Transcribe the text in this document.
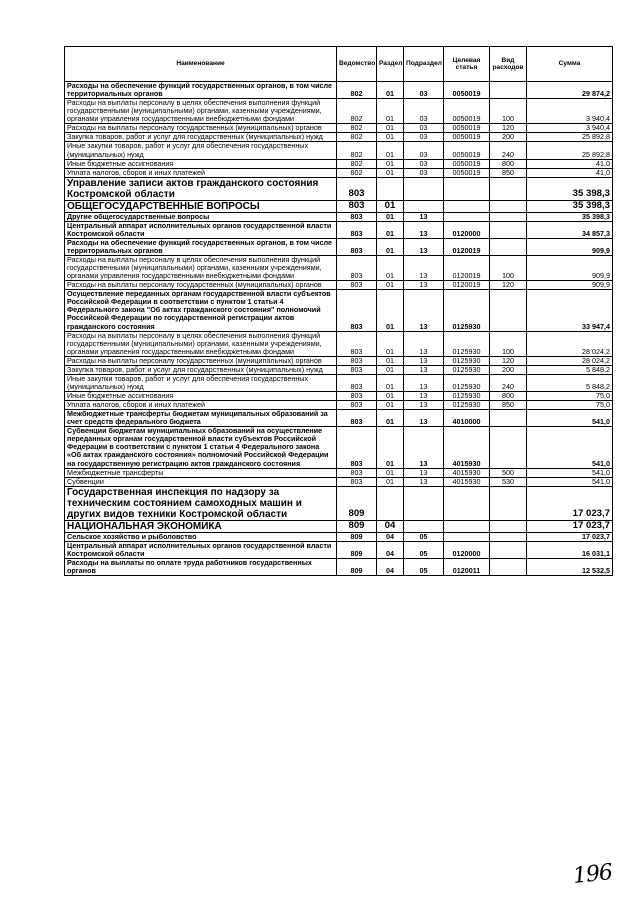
Наименование	Ведомство	Раздел	Подраздел	Целевая статья	Вид расходов	Сумма
Расходы на обеспечение функций государственных органов, в том числе территориальных органов	802	01	03	0050019		29 874,2
Расходы на выплаты персоналу в целях обеспечения выполнения функций государственными (муниципальными) органами, казенными учреждениями, органами управления государственными внебюджетными фондами	802	01	03	0050019	100	3 940,4
Расходы на выплаты персоналу государственных (муниципальных) органов	802	01	03	0050019	120	3 940,4
Закупка товаров, работ и услуг для государственных (муниципальных) нужд	802	01	03	0050019	200	25 892,8
Иные закупки товаров, работ и услуг для обеспечения государственных (муниципальных) нужд	802	01	03	0050019	240	25 892,8
Иные бюджетные ассигнования	802	01	03	0050019	800	41,0
Уплата налогов, сборов и иных платежей	802	01	03	0050019	850	41,0
Управление записи актов гражданского состояния Костромской области	803					35 398,3
ОБЩЕГОСУДАРСТВЕННЫЕ ВОПРОСЫ	803	01				35 398,3
Другие общегосударственные вопросы	803	01	13			35 398,3
Центральный аппарат исполнительных органов государственной власти Костромской области	803	01	13	0120000		34 857,3
Расходы на обеспечение функций государственных органов, в том числе территориальных органов	803	01	13	0120019		909,9
Расходы на выплаты персоналу в целях обеспечения выполнения функций государственными (муниципальными) органами, казенными учреждениями, органами управления государственными внебюджетными фондами	803	01	13	0120019	100	909,9
Расходы на выплаты персоналу государственных (муниципальных) органов	803	01	13	0120019	120	909,9
Осуществление переданных органам государственной власти субъектов Российской Федерации в соответствии с пунктом 1 статьи 4 Федерального закона "Об актах гражданского состояния" полномочий Российской Федерации по государственной регистрации актов гражданского состояния	803	01	13	0125930		33 947,4
Расходы на выплаты персоналу в целях обеспечения выполнения функций государственными (муниципальными) органами, казенными учреждениями, органами управления государственными внебюджетными фондами	803	01	13	0125930	100	28 024,2
Расходы на выплаты персоналу государственных (муниципальных) органов	803	01	13	0125930	120	28 024,2
Закупка товаров, работ и услуг для государственных (муниципальных) нужд	803	01	13	0125930	200	5 848,2
Иные закупки товаров, работ и услуг для обеспечения государственных (муниципальных) нужд	803	01	13	0125930	240	5 848,2
Иные бюджетные ассигнования	803	01	13	0125930	800	75,0
Уплата налогов, сборов и иных платежей	803	01	13	0125930	850	75,0
Межбюджетные трансферты бюджетам муниципальных образований за счет средств федерального бюджета	803	01	13	4010000		541,0
Субвенции бюджетам муниципальных образований на осуществление переданных органам государственной власти субъектов Российской Федерации в соответствии с пунктом 1 статьи 4 Федерального закона «Об актах гражданского состояния» полномочий Российской Федерации на государственную регистрацию актов гражданского состояния	803	01	13	4015930		541,0
Межбюджетные трансферты	803	01	13	4015930	500	541,0
Субвенции	803	01	13	4015930	530	541,0
Государственная инспекция по надзору за техническим состоянием самоходных машин и других видов техники Костромской области	809					17 023,7
НАЦИОНАЛЬНАЯ ЭКОНОМИКА	809	04				17 023,7
Сельское хозяйство и рыболовство	809	04	05			17 023,7
Центральный аппарат исполнительных органов государственной власти Костромской области	809	04	05	0120000		16 031,1
Расходы на выплаты по оплате труда работников государственных органов	809	04	05	0120011		12 532,5
196
